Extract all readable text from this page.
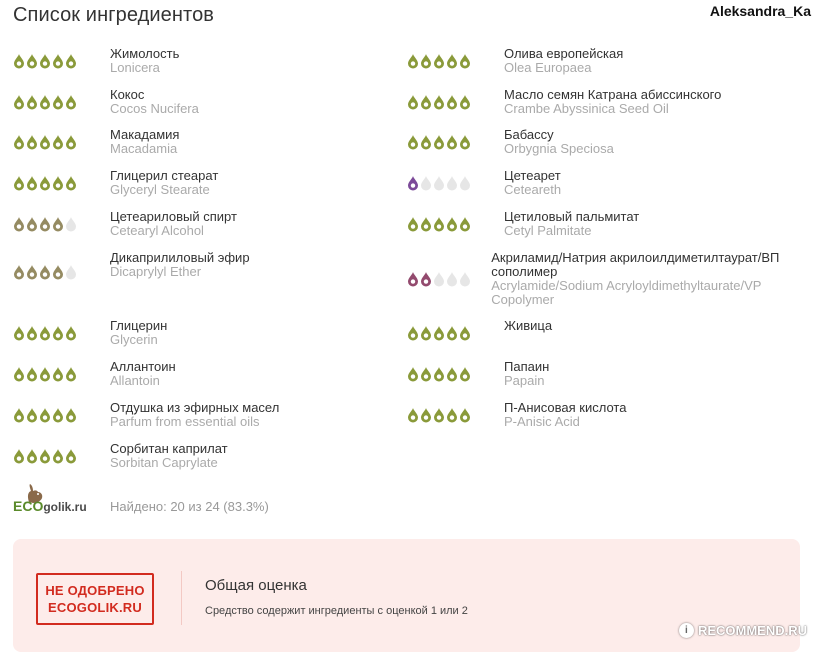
Список ингредиентов	Aleksandra_Ka
Жимолость
Lonicera
Олива европейская
Olea Europaea
Кокос
Cocos Nucifera
Масло семян Катрана абиссинского
Crambe Abyssinica Seed Oil
Макадамия
Macadamia
Бабассу
Orbygnia Speciosa
Глицерил стеарат
Glyceryl Stearate
Цетеарет
Ceteareth
Цетеариловый спирт
Cetearyl Alcohol
Цетиловый пальмитат
Cetyl Palmitate
Дикаприлиловый эфир
Dicaprylyl Ether
Акриламид/Натрия акрилоилдиметилтаурат/ВП сополимер
Acrylamide/Sodium Acryloyldimethyltaurate/VP Copolymer
Глицерин
Glycerin
Живица
Аллантоин
Allantoin
Папаин
Papain
Отдушка из эфирных масел
Parfum from essential oils
П-Анисовая кислота
P-Anisic Acid
Сорбитан каприлат
Sorbitan Caprylate
ECOgolik.ru Найдено: 20 из 24 (83.3%)
НЕ ОДОБРЕНО
ECOGOLIK.RU
Общая оценка
Средство содержит ингредиенты с оценкой 1 или 2
i RECOMMEND.RU
